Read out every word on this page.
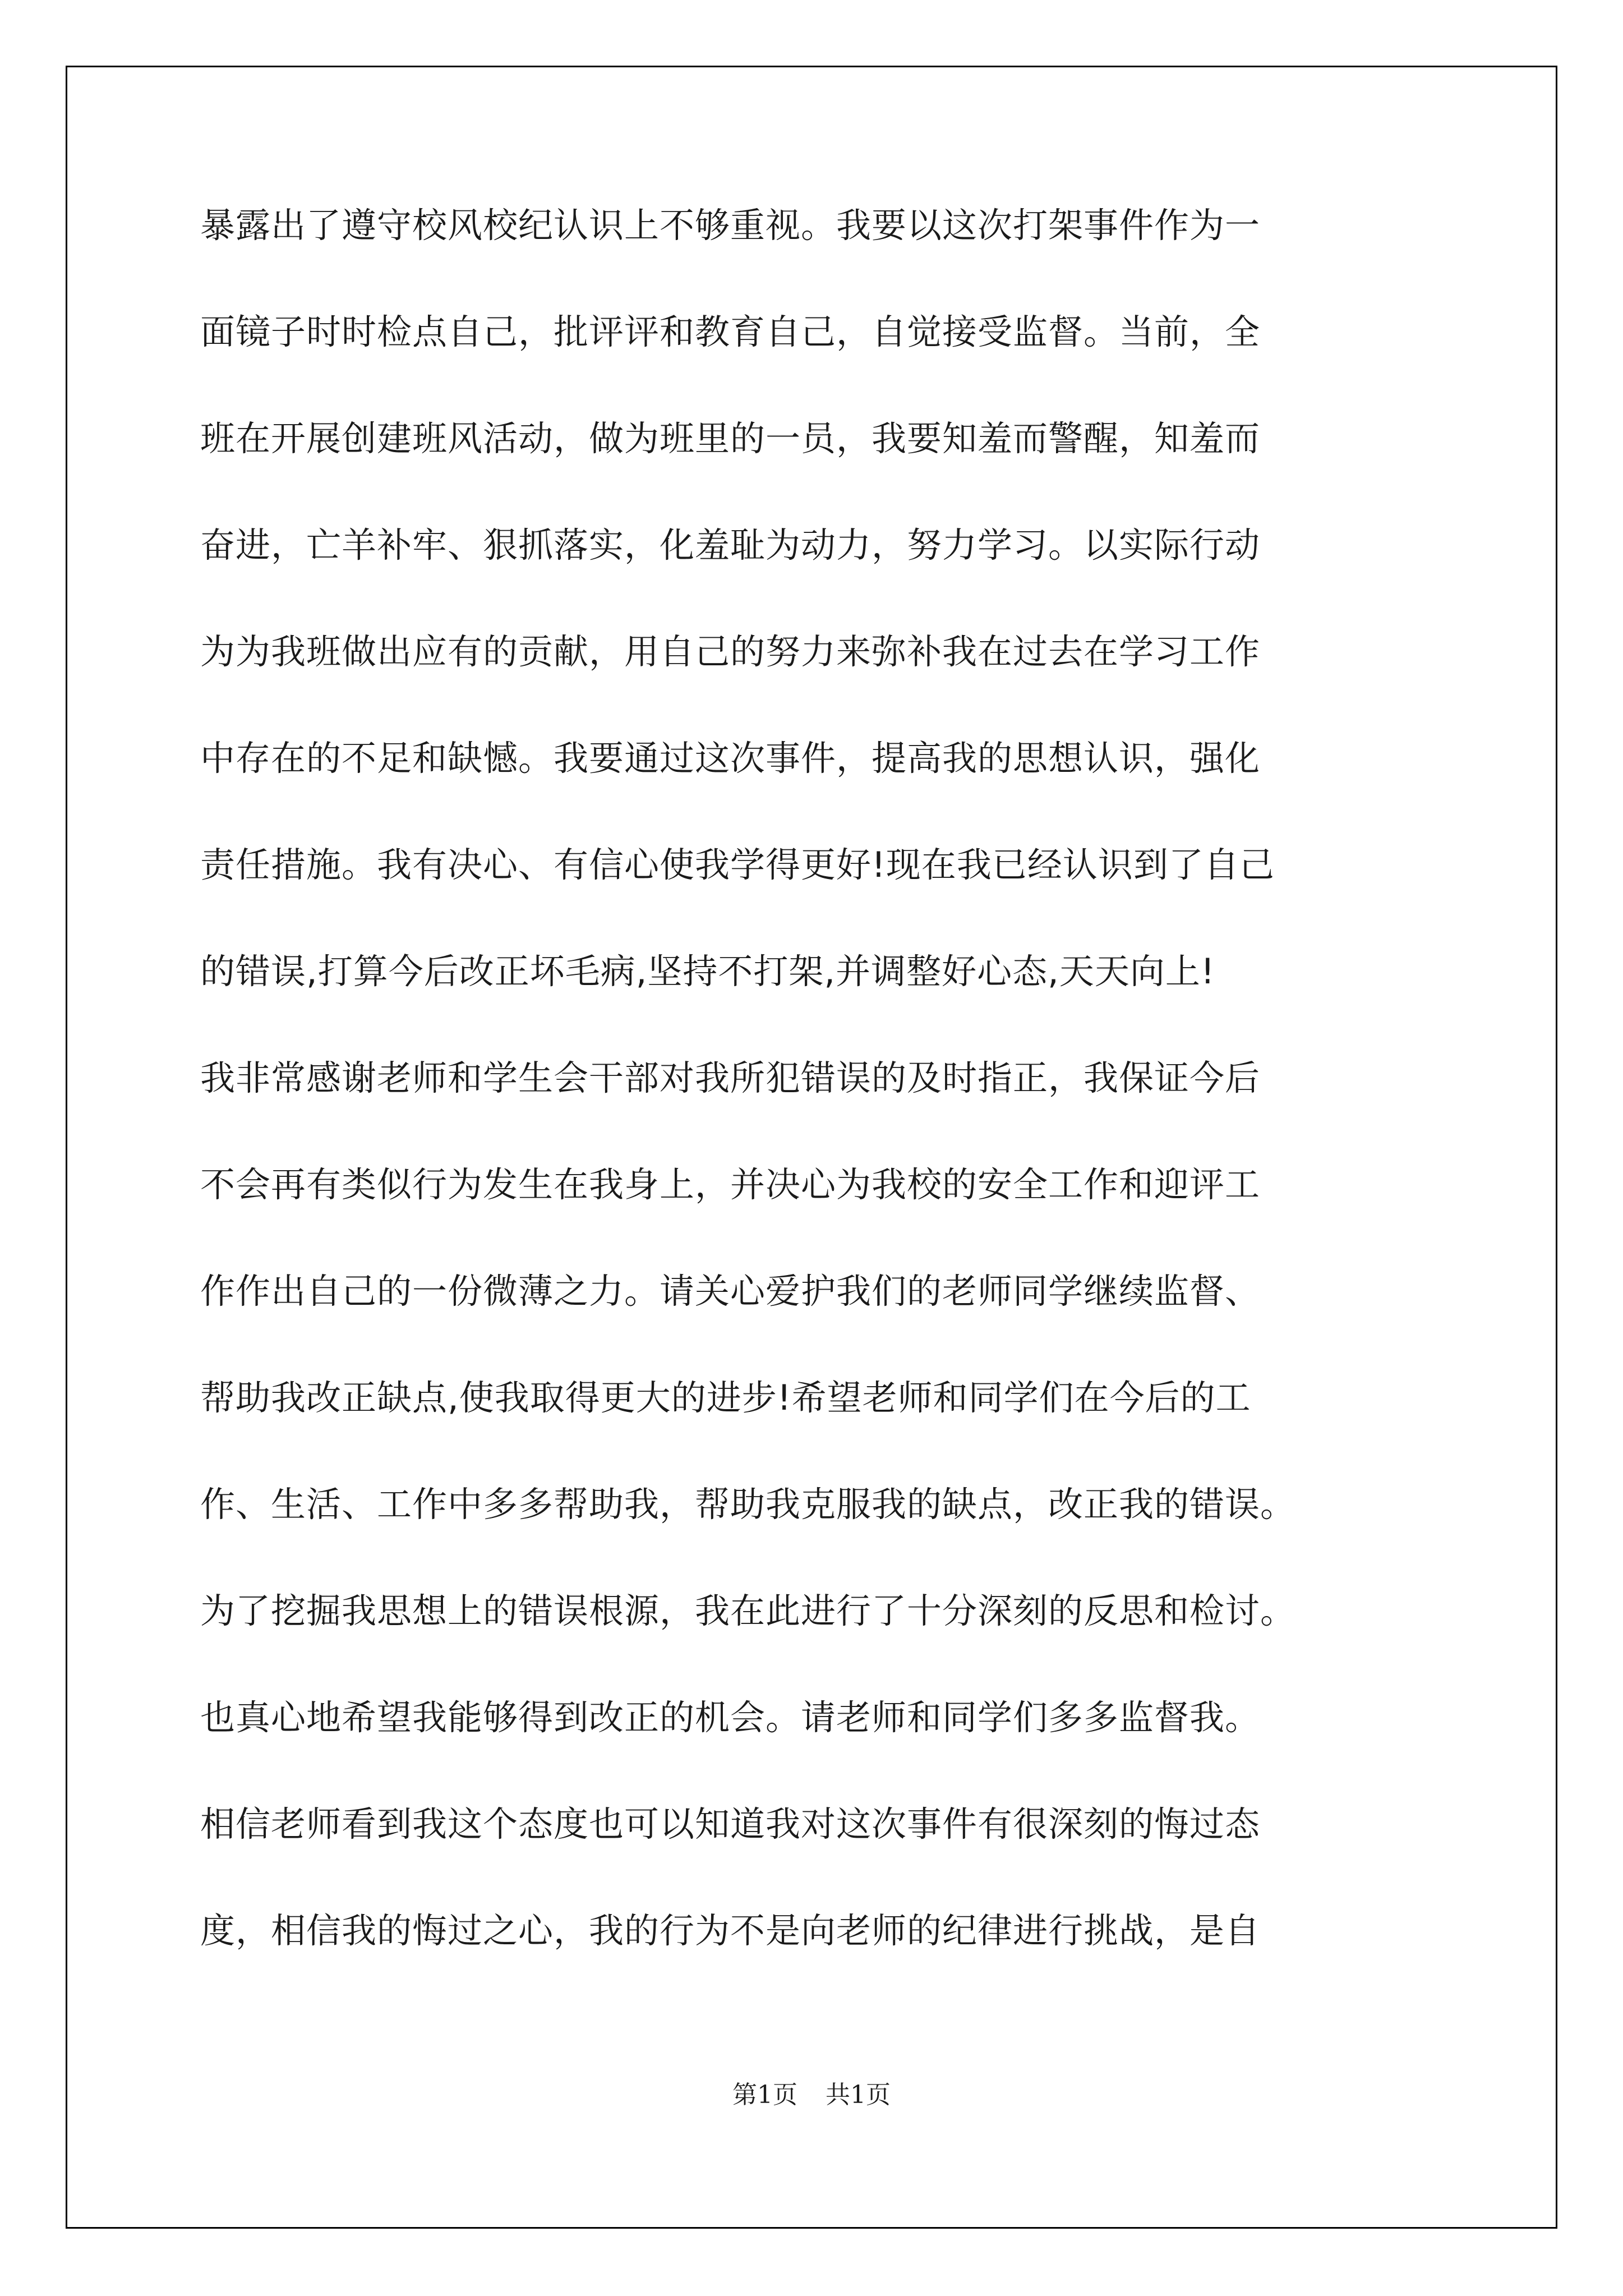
暴露出了遵守校风校纪认识上不够重视。我要以这次打架事件作为一
面镜子时时检点自己，批评评和教育自己，自觉接受监督。当前，全
班在开展创建班风活动，做为班里的一员，我要知羞而警醒，知羞而
奋进，亡羊补牢、狠抓落实，化羞耻为动力，努力学习。以实际行动
为为我班做出应有的贡献，用自己的努力来弥补我在过去在学习工作
中存在的不足和缺憾。我要通过这次事件，提高我的思想认识，强化
责任措施。我有决心、有信心使我学得更好!现在我已经认识到了自己
的错误,打算今后改正坏毛病,坚持不打架,并调整好心态,天天向上!
我非常感谢老师和学生会干部对我所犯错误的及时指正，我保证今后
不会再有类似行为发生在我身上，并决心为我校的安全工作和迎评工
作作出自己的一份微薄之力。请关心爱护我们的老师同学继续监督、
帮助我改正缺点,使我取得更大的进步!希望老师和同学们在今后的工
作、生活、工作中多多帮助我，帮助我克服我的缺点，改正我的错误。
为了挖掘我思想上的错误根源，我在此进行了十分深刻的反思和检讨。
也真心地希望我能够得到改正的机会。请老师和同学们多多监督我。
相信老师看到我这个态度也可以知道我对这次事件有很深刻的悔过态
度，相信我的悔过之心，我的行为不是向老师的纪律进行挑战，是自
第1页 共1页
